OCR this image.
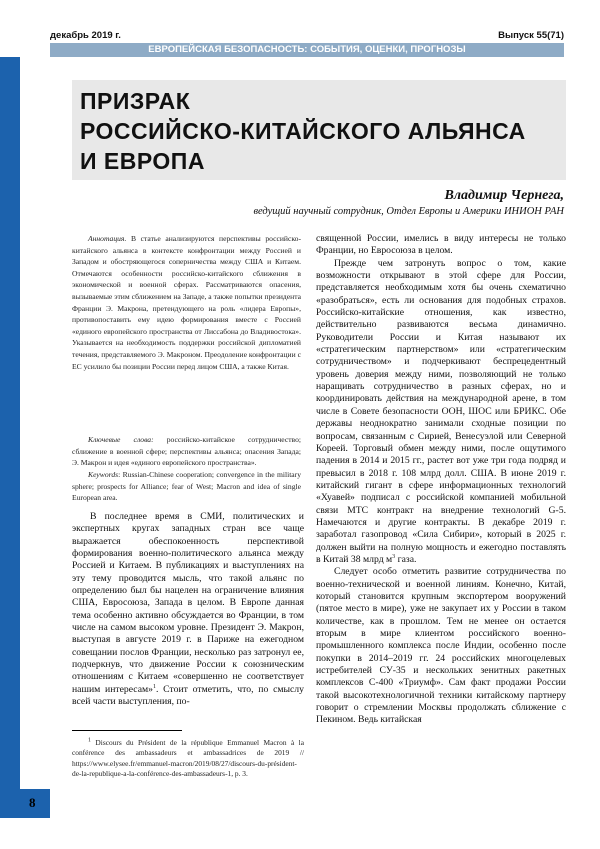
декабрь 2019 г.	Выпуск 55(71)
ЕВРОПЕЙСКАЯ БЕЗОПАСНОСТЬ: СОБЫТИЯ, ОЦЕНКИ, ПРОГНОЗЫ
8
ПРИЗРАК
РОССИЙСКО-КИТАЙСКОГО АЛЬЯНСА
И ЕВРОПА
Владимир Чернега,
ведущий научный сотрудник, Отдел Европы и Америки ИНИОН РАН
Аннотация. В статье анализируются перспективы российско-китайского альянса в контексте конфронтации между Россией и Западом и обостряющегося соперничества между США и Китаем. Отмечаются особенности российско-китайского сближения в экономической и военной сферах. Рассматриваются опасения, вызываемые этим сближением на Западе, а также попытки президента Франции Э. Макрона, претендующего на роль «лидера Европы», противопоставить ему идею формирования вместе с Россией «единого европейского пространства от Лиссабона до Владивостока». Указывается на необходимость поддержки российской дипломатией течения, представляемого Э. Макроном. Преодоление конфронтации с ЕС усилило бы позиции России перед лицом США, а также Китая.
Ключевые слова: российско-китайское сотрудничество; сближение в военной сфере; перспективы альянса; опасения Запада; Э. Макрон и идея «единого европейского пространства».
Keywords: Russian-Chinese cooperation; convergence in the military sphere; prospects for Alliance; fear of West; Macron and idea of single European area.

В последнее время в СМИ, политических и экспертных кругах западных стран все чаще выражается обеспокоенность перспективой формирования военно-политического альянса между Россией и Китаем. В публикациях и выступлениях на эту тему проводится мысль, что такой альянс по определению был бы нацелен на ограничение влияния США, Евросоюза, Запада в целом. В Европе данная тема особенно активно обсуждается во Франции, в том числе на самом высоком уровне. Президент Э. Макрон, выступая в августе 2019 г. в Париже на ежегодном совещании послов Франции, несколько раз затронул ее, подчеркнув, что движение России к союзническим отношениям с Китаем «совершенно не соответствует нашим интересам»$^1$. Стоит отметить, что, по смыслу всей части выступления, по-

$^1$ Discours du Président de la république Emmanuel Macron à la conférence des ambassadeurs et ambassadrices de 2019 // https://www.elysee.fr/emmanuel-macron/2019/08/27/discours-du-président-de-la-republique-a-la-conférence-des-ambassadeurs-1, p. 3.

священной России, имелись в виду интересы не только Франции, но Евросоюза в целом.

Прежде чем затронуть вопрос о том, какие возможности открывают в этой сфере для России, представляется необходимым хотя бы очень схематично «разобраться», есть ли основания для подобных страхов. Российско-китайские отношения, как известно, действительно развиваются весьма динамично. Руководители России и Китая называют их «стратегическим партнерством» или «стратегическим сотрудничеством» и подчеркивают беспрецедентный уровень доверия между ними, позволяющий не только наращивать сотрудничество в разных сферах, но и координировать действия на международной арене, в том числе в Совете безопасности ООН, ШОС или БРИКС. Обе державы неоднократно занимали сходные позиции по вопросам, связанным с Сирией, Венесуэлой или Северной Кореей. Торговый обмен между ними, после ощутимого падения в 2014 и 2015 гг., растет вот уже три года подряд и превысил в 2018 г. 108 млрд долл. США. В июне 2019 г. китайский гигант в сфере информационных технологий «Хуавей» подписал с российской компанией мобильной связи МТС контракт на внедрение технологий G-5. Намечаются и другие контракты. В декабре 2019 г. заработал газопровод «Сила Сибири», который в 2025 г. должен выйти на полную мощность и ежегодно поставлять в Китай 38 млрд $м^3$ газа.

Следует особо отметить развитие сотрудничества по военно-технической и военной линиям. Конечно, Китай, который становится крупным экспортером вооружений (пятое место в мире), уже не закупает их у России в таком количестве, как в прошлом. Тем не менее он остается вторым в мире клиентом российского военно-промышленного комплекса после Индии, особенно после покупки в 2014–2019 гг. 24 российских многоцелевых истребителей СУ-35 и нескольких зенитных ракетных комплексов С-400 «Триумф». Сам факт продажи России такой высокотехнологичной техники китайскому партнеру говорит о стремлении Москвы продолжать сближение с Пекином. Ведь китайская
